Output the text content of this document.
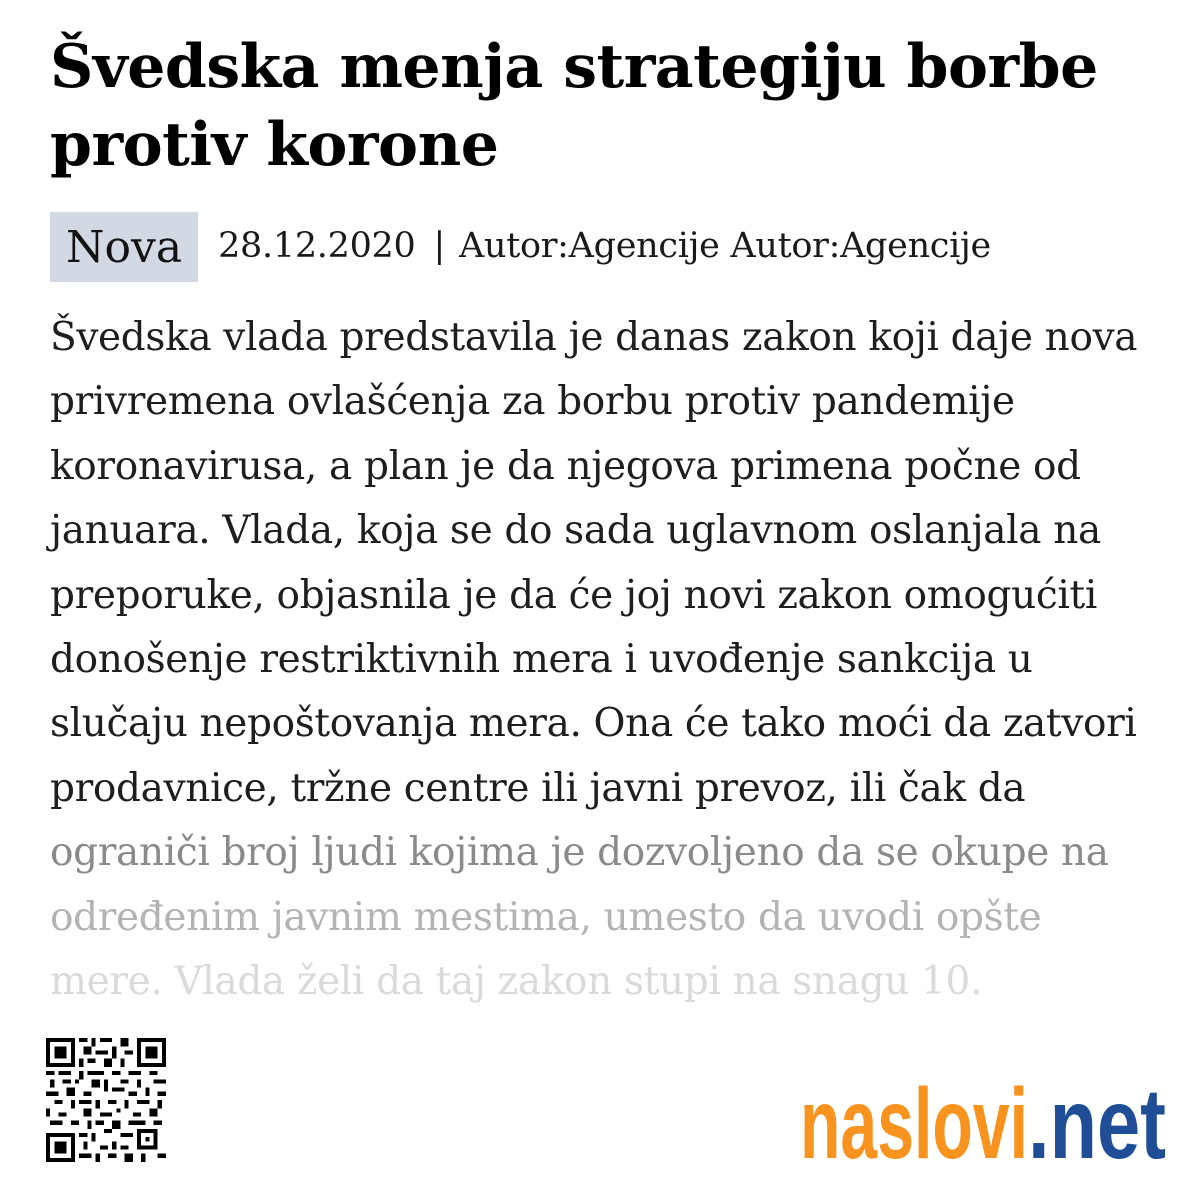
Švedska menja strategiju borbe protiv korone
Nova	28.12.2020 | Autor:Agencije Autor:Agencije

Švedska vlada predstavila je danas zakon koji daje nova
privremena ovlašćenja za borbu protiv pandemije
koronavirusa, a plan je da njegova primena počne od
januara. Vlada, koja se do sada uglavnom oslanjala na
preporuke, objasnila je da će joj novi zakon omogućiti
donošenje restriktivnih mera i uvođenje sankcija u
slučaju nepoštovanja mera. Ona će tako moći da zatvori
prodavnice, tržne centre ili javni prevoz, ili čak da
ograniči broj ljudi kojima je dozvoljeno da se okupe na
određenim javnim mestima, umesto da uvodi opšte
mere. Vlada želi da taj zakon stupi na snagu 10.

naslovi .net
